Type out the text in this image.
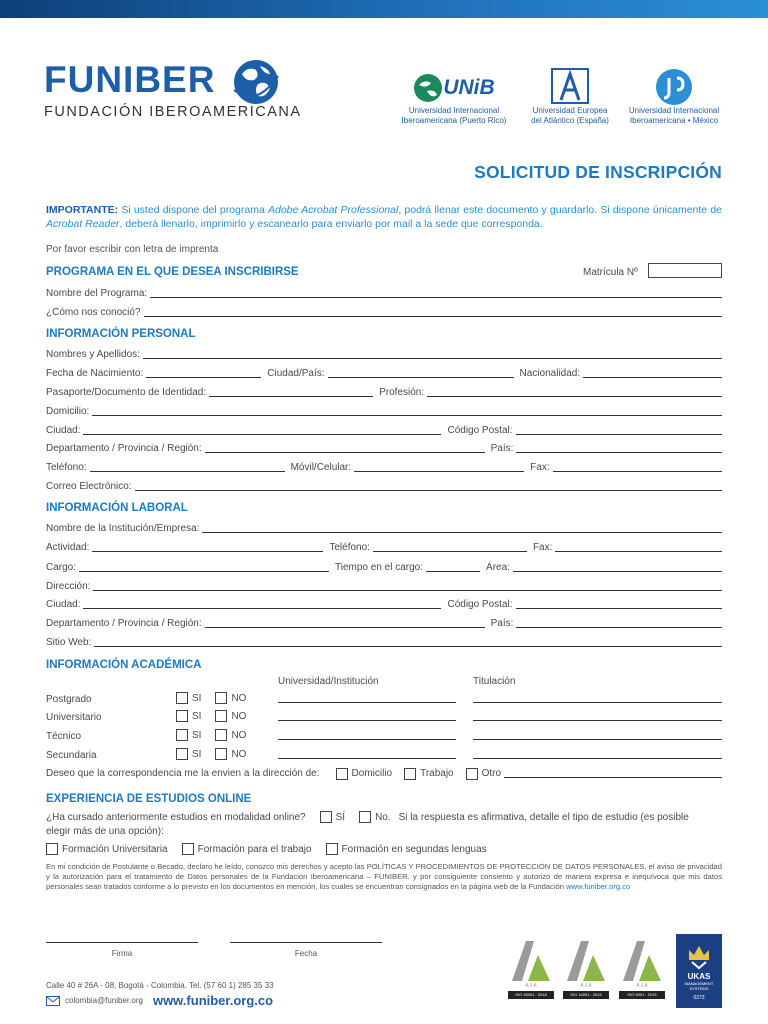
FUNIBER
FUNDACIÓN IBEROAMERICANA
UNiB
Universidad Internacional
Iberoamericana (Puerto Rico)
Universidad Europea
del Atlántico (España)
Universidad Internacional
Iberoamericana • México
SOLICITUD DE INSCRIPCIÓN
IMPORTANTE: Si usted dispone del programa Adobe Acrobat Professional, podrá llenar este documento y guardarlo. Si dispone únicamente de Acrobat Reader, deberá llenarlo, imprimirlo y escanearlo para enviarlo por mail a la sede que corresponda.
Por favor escribir con letra de imprenta
PROGRAMA EN EL QUE DESEA INSCRIBIRSE	Matrícula Nº
Nombre del Programa:
¿Cómo nos conoció?
INFORMACIÓN PERSONAL
Nombres y Apellidos:
Fecha de Nacimiento:	Ciudad/País:	Nacionalidad:
Pasaporte/Documento de Identidad:	Profesión:
Domicilio:
Ciudad:	Código Postal:
Departamento / Provincia / Región:	País:
Teléfono:	Móvil/Celular:	Fax:
Correo Electrónico:
INFORMACIÓN LABORAL
Nombre de la Institución/Empresa:
Actividad:	Teléfono:	Fax:
Cargo:	Tiempo en el cargo:	Área:
Dirección:
Ciudad:	Código Postal:
Departamento / Provincia / Región:	País:
Sitio Web:
INFORMACIÓN ACADÉMICA
Universidad/Institución	Titulación
Postgrado	SI	NO
Universitario	SI	NO
Técnico	SI	NO
Secundaria	SI	NO
Deseo que la correspondencia me la envien a la dirección de:	Domicilio	Trabajo	Otro
EXPERIENCIA DE ESTUDIOS ONLINE
¿Ha cursado anteriormente estudios en modalidad online?	SÍ	No. Si la respuesta es afirmativa, detalle el tipo de estudio (es posible
elegir más de una opción):
Formación Universitaria	Formación para el trabajo	Formación en segundas lenguas
En mi condición de Postulante o Becado, declaro he leído, conozco mis derechos y acepto las POLÍTICAS Y PROCEDIMIENTOS DE PROTECCIÓN DE DATOS PERSONALES, el aviso de privacidad y la autorización para el tratamiento de Datos personales de la Fundación Iberoamericana – FUNIBER. y por consiguiente consiento y autorizo de manera expresa e inequívoca que mis datos personales sean tratados conforme a lo previsto en los documentos en mención, los cuales se encuentran consignados en la página web de la Fundación www.funiber.org.co
Firma	Fecha
Calle 40 # 26A - 08, Bogotá - Colombia. Tel. (57 60 1) 285 35 33
colombia@funiber.org www.funiber.org.co
A J A
ISO 45001 : 2018
A J A
ISO 14001 : 2015
A J A
ISO 9001 : 2015
UKAS
MANAGEMENT SYSTEMS
0273
